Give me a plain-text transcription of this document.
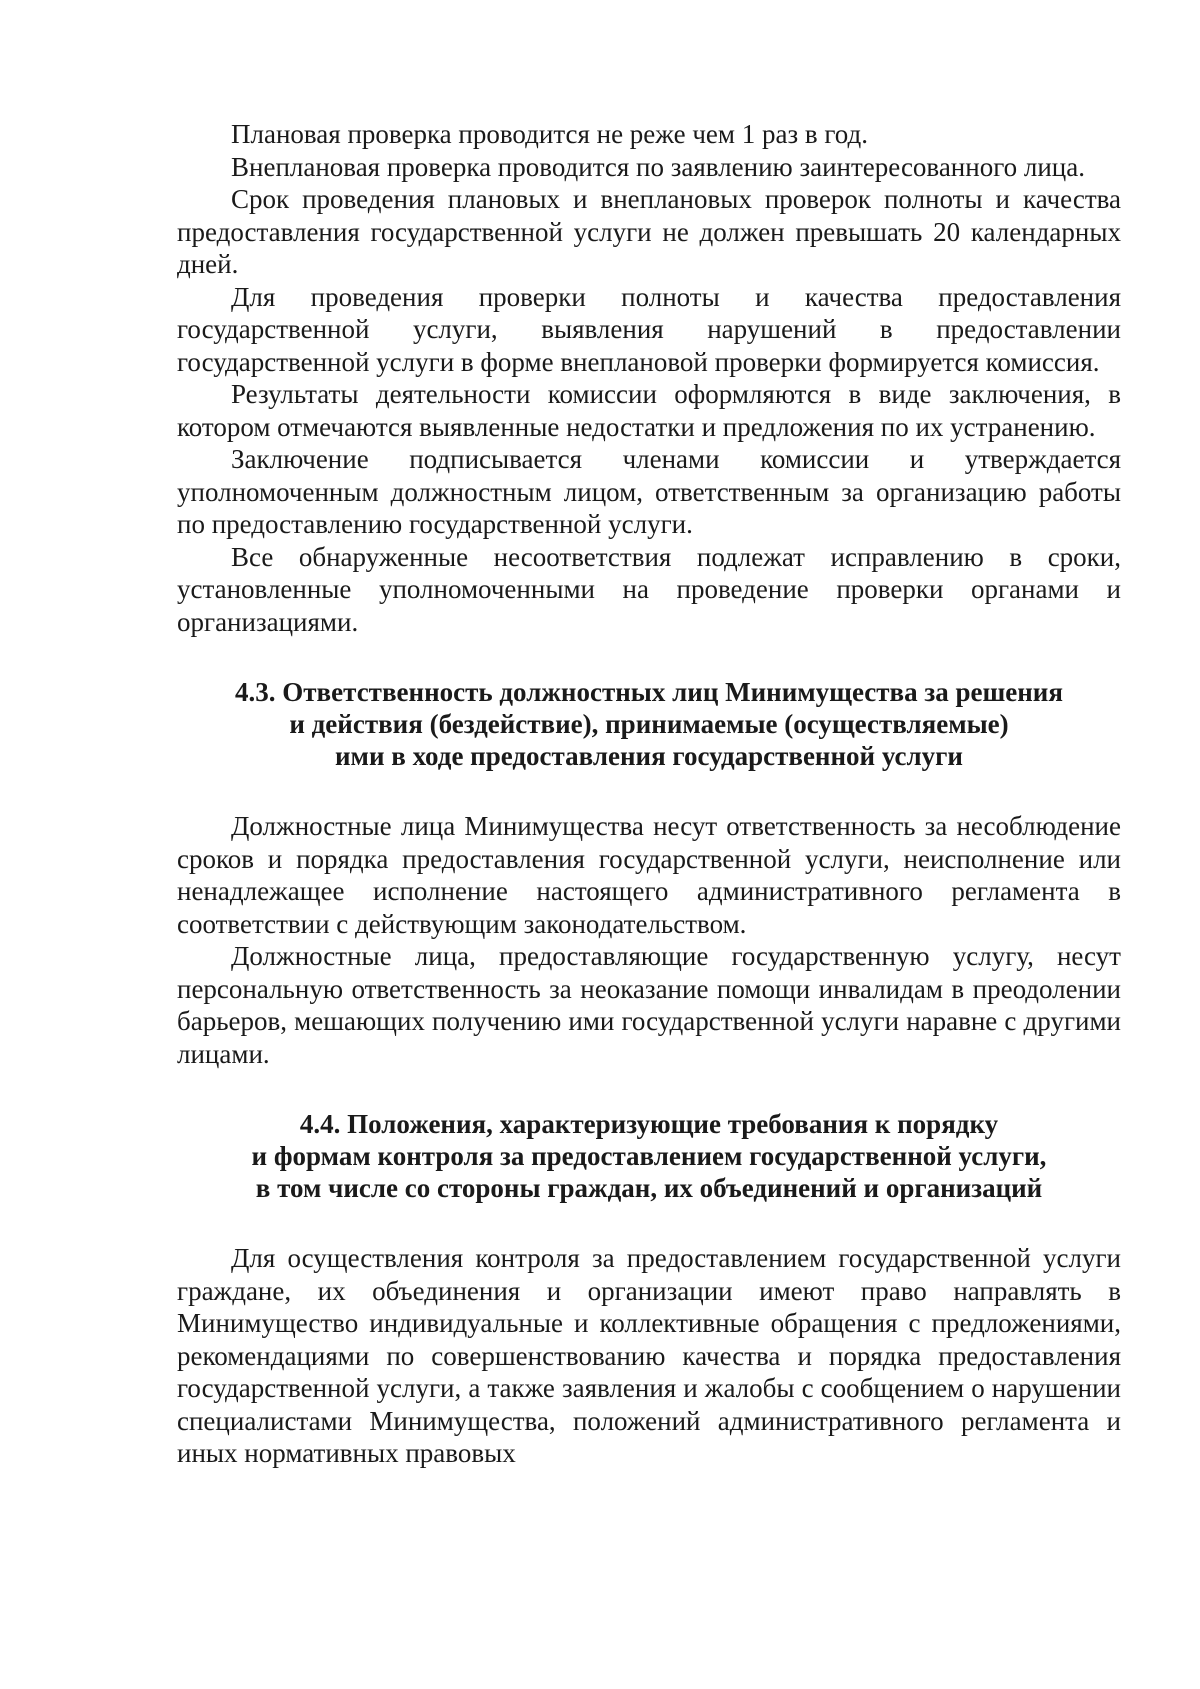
Плановая проверка проводится не реже чем 1 раз в год.

Внеплановая проверка проводится по заявлению заинтересованного лица.

Срок проведения плановых и внеплановых проверок полноты и качества предоставления государственной услуги не должен превышать 20 календарных дней.

Для проведения проверки полноты и качества предоставления государственной услуги, выявления нарушений в предоставлении государственной услуги в форме внеплановой проверки формируется комиссия.

Результаты деятельности комиссии оформляются в виде заключения, в котором отмечаются выявленные недостатки и предложения по их устранению.

Заключение подписывается членами комиссии и утверждается уполномоченным должностным лицом, ответственным за организацию работы по предоставлению государственной услуги.

Все обнаруженные несоответствия подлежат исправлению в сроки, установленные уполномоченными на проведение проверки органами и организациями.

4.3. Ответственность должностных лиц Минимущества за решения
и действия (бездействие), принимаемые (осуществляемые)
ими в ходе предоставления государственной услуги

Должностные лица Минимущества несут ответственность за несоблюдение сроков и порядка предоставления государственной услуги, неисполнение или ненадлежащее исполнение настоящего административного регламента в соответствии с действующим законодательством.

Должностные лица, предоставляющие государственную услугу, несут персональную ответственность за неоказание помощи инвалидам в преодолении барьеров, мешающих получению ими государственной услуги наравне с другими лицами.

4.4. Положения, характеризующие требования к порядку
и формам контроля за предоставлением государственной услуги,
в том числе со стороны граждан, их объединений и организаций

Для осуществления контроля за предоставлением государственной услуги граждане, их объединения и организации имеют право направлять в Минимущество индивидуальные и коллективные обращения с предложениями, рекомендациями по совершенствованию качества и порядка предоставления государственной услуги, а также заявления и жалобы с сообщением о нарушении специалистами Минимущества, положений административного регламента и иных нормативных правовых
